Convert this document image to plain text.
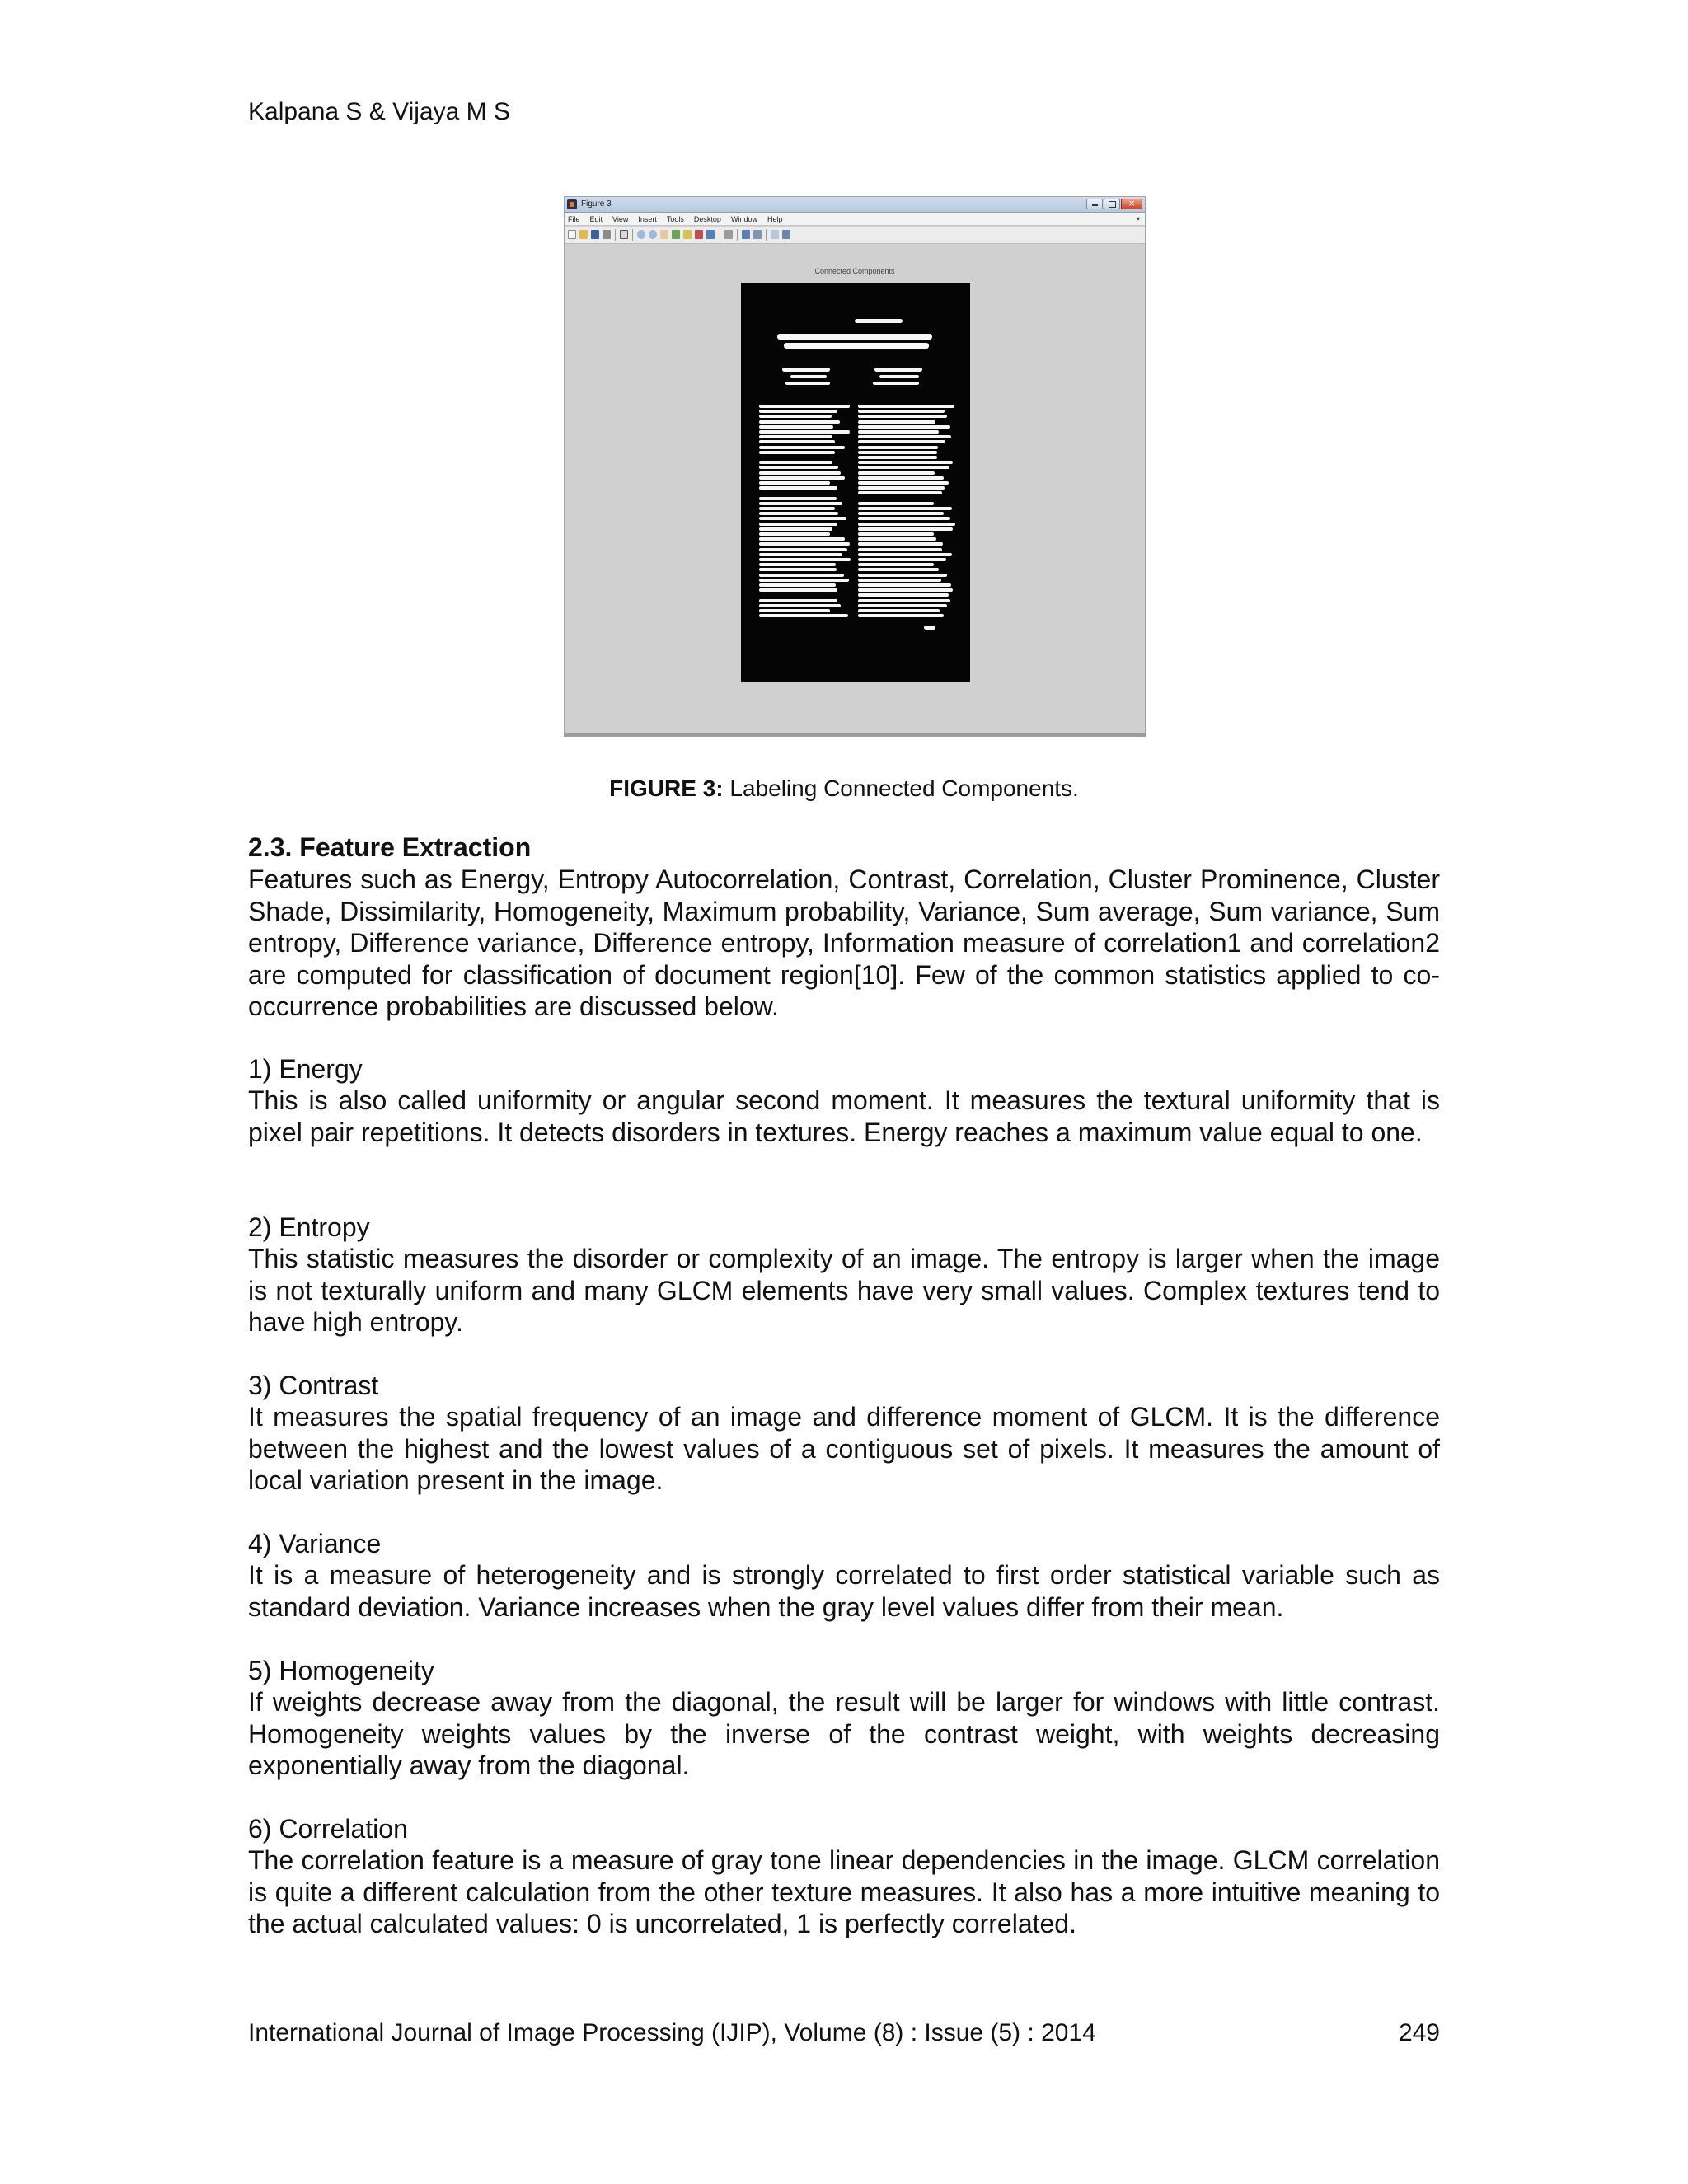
Kalpana S & Vijaya M S
Figure 3
×
File Edit View Insert Tools Desktop Window Help	▾
Connected Components
FIGURE 3: Labeling Connected Components.
2.3. Feature Extraction

Features such as Energy, Entropy Autocorrelation, Contrast, Correlation, Cluster Prominence, Cluster Shade, Dissimilarity, Homogeneity, Maximum probability, Variance, Sum average, Sum variance, Sum entropy, Difference variance, Difference entropy, Information measure of correlation1 and correlation2 are computed for classification of document region[10]. Few of the common statistics applied to co-occurrence probabilities are discussed below.

1) Energy

This is also called uniformity or angular second moment. It measures the textural uniformity that is pixel pair repetitions. It detects disorders in textures. Energy reaches a maximum value equal to one.

2) Entropy

This statistic measures the disorder or complexity of an image. The entropy is larger when the image is not texturally uniform and many GLCM elements have very small values. Complex textures tend to have high entropy.

3) Contrast

It measures the spatial frequency of an image and difference moment of GLCM. It is the difference between the highest and the lowest values of a contiguous set of pixels. It measures the amount of local variation present in the image.

4) Variance

It is a measure of heterogeneity and is strongly correlated to first order statistical variable such as standard deviation. Variance increases when the gray level values differ from their mean.

5) Homogeneity

If weights decrease away from the diagonal, the result will be larger for windows with little contrast. Homogeneity weights values by the inverse of the contrast weight, with weights decreasing exponentially away from the diagonal.

6) Correlation

The correlation feature is a measure of gray tone linear dependencies in the image. GLCM correlation is quite a different calculation from the other texture measures. It also has a more intuitive meaning to the actual calculated values: 0 is uncorrelated, 1 is perfectly correlated.

International Journal of Image Processing (IJIP), Volume (8) : Issue (5) : 2014	249
